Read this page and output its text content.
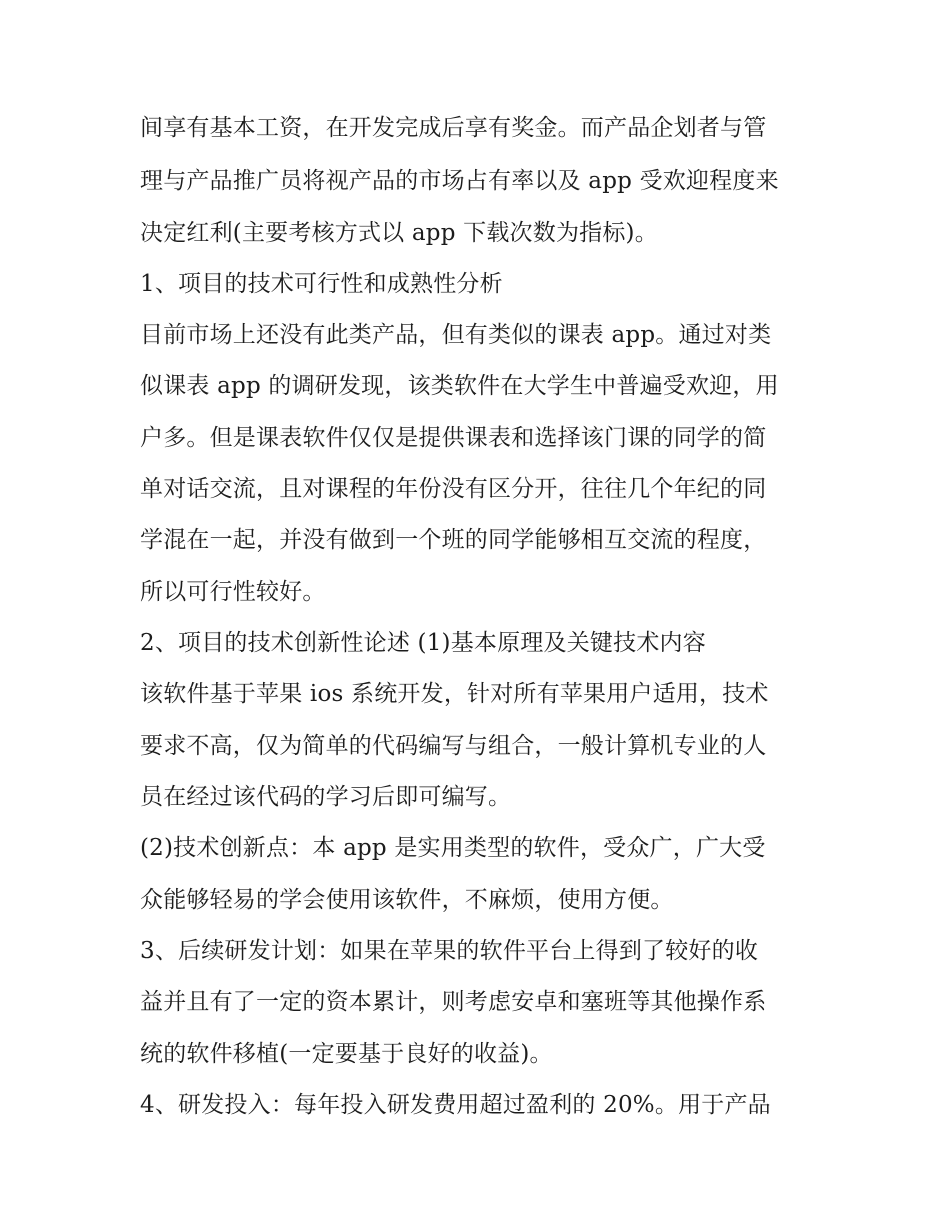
间享有基本工资，在开发完成后享有奖金。而产品企划者与管
理与产品推广员将视产品的市场占有率以及 app 受欢迎程度来
决定红利(主要考核方式以 app 下载次数为指标)。
1、项目的技术可行性和成熟性分析
目前市场上还没有此类产品，但有类似的课表 app。通过对类
似课表 app 的调研发现，该类软件在大学生中普遍受欢迎，用
户多。但是课表软件仅仅是提供课表和选择该门课的同学的简
单对话交流，且对课程的年份没有区分开，往往几个年纪的同
学混在一起，并没有做到一个班的同学能够相互交流的程度，
所以可行性较好。
2、项目的技术创新性论述 (1)基本原理及关键技术内容
该软件基于苹果 ios 系统开发，针对所有苹果用户适用，技术
要求不高，仅为简单的代码编写与组合，一般计算机专业的人
员在经过该代码的学习后即可编写。
(2)技术创新点：本 app 是实用类型的软件，受众广，广大受
众能够轻易的学会使用该软件，不麻烦，使用方便。
3、后续研发计划：如果在苹果的软件平台上得到了较好的收
益并且有了一定的资本累计，则考虑安卓和塞班等其他操作系
统的软件移植(一定要基于良好的收益)。
4、研发投入：每年投入研发费用超过盈利的 20%。用于产品
